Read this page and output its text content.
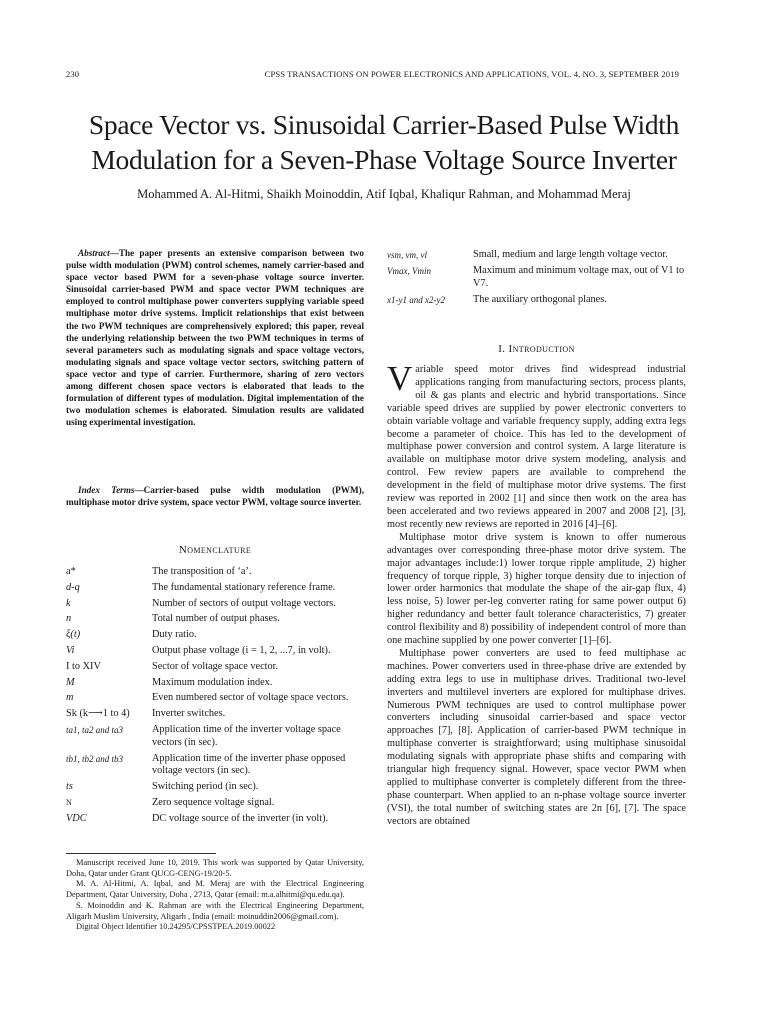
230	CPSS TRANSACTIONS ON POWER ELECTRONICS AND APPLICATIONS, VOL. 4, NO. 3, SEPTEMBER 2019
Space Vector vs. Sinusoidal Carrier-Based Pulse Width
Modulation for a Seven-Phase Voltage Source Inverter
Mohammed A. Al-Hitmi, Shaikh Moinoddin, Atif Iqbal, Khaliqur Rahman, and Mohammad Meraj

Abstract—The paper presents an extensive comparison between two pulse width modulation (PWM) control schemes, namely carrier-based and space vector based PWM for a seven-phase voltage source inverter. Sinusoidal carrier-based PWM and space vector PWM techniques are employed to control multiphase power converters supplying variable speed multiphase motor drive systems. Implicit relationships that exist between the two PWM techniques are comprehensively explored; this paper, reveal the underlying relationship between the two PWM techniques in terms of several parameters such as modulating signals and space voltage vectors, modulating signals and space voltage vector sectors, switching pattern of space vector and type of carrier. Furthermore, sharing of zero vectors among different chosen space vectors is elaborated that leads to the formulation of different types of modulation. Digital implementation of the two modulation schemes is elaborated. Simulation results are validated using experimental investigation.

Index Terms—Carrier-based pulse width modulation (PWM), multiphase motor drive system, space vector PWM, voltage source inverter.

Nomenclature
a*	The transposition of ‘a’.
d-q	The fundamental stationary reference frame.
k	Number of sectors of output voltage vectors.
n	Total number of output phases.
ξ(t)	Duty ratio.
Vi	Output phase voltage (i = 1, 2, ...7, in volt).
I to XIV	Sector of voltage space vector.
M	Maximum modulation index.
m	Even numbered sector of voltage space vectors.
Sk (k⟶1 to 4)	Inverter switches.
ta1, ta2 and ta3	Application time of the inverter voltage space vectors (in sec).
tb1, tb2 and tb3	Application time of the inverter phase opposed voltage vectors (in sec).
ts	Switching period (in sec).
N	Zero sequence voltage signal.
VDC	DC voltage source of the inverter (in volt).

Manuscript received June 10, 2019. This work was supported by Qatar University, Doha, Qatar under Grant QUCG-CENG-19/20-5.

M. A. Al-Hitmi, A. Iqbal, and M. Meraj are with the Electrical Engineering Department, Qatar University, Doha , 2713, Qatar (email: m.a.alhitmi@qu.edu.qa).

S. Moinoddin and K. Rahman are with the Electrical Engineering Department, Aligarh Muslim University, Aligarh , India (email: moinuddin2006@gmail.com).

Digital Object Identifier 10.24295/CPSSTPEA.2019.00022

vsm, vm, vl	Small, medium and large length voltage vector.
Vmax, Vmin	Maximum and minimum voltage max, out of V1 to V7.
x1-y1 and x2-y2	The auxiliary orthogonal planes.
I. Introduction

Variable speed motor drives find widespread industrial applications ranging from manufacturing sectors, process plants, oil & gas plants and electric and hybrid transportations. Since variable speed drives are supplied by power electronic converters to obtain variable voltage and variable frequency supply, adding extra legs become a parameter of choice. This has led to the development of multiphase power conversion and control system. A large literature is available on multiphase motor drive system modeling, analysis and control. Few review papers are available to comprehend the development in the field of multiphase motor drive systems. The first review was reported in 2002 [1] and since then work on the area has been accelerated and two reviews appeared in 2007 and 2008 [2], [3], most recently new reviews are reported in 2016 [4]–[6].

Multiphase motor drive system is known to offer numerous advantages over corresponding three-phase motor drive system. The major advantages include:1) lower torque ripple amplitude, 2) higher frequency of torque ripple, 3) higher torque density due to injection of lower order harmonics that modulate the shape of the air-gap flux, 4) less noise, 5) lower per-leg converter rating for same power output 6) higher redundancy and better fault tolerance characteristics, 7) greater control flexibility and 8) possibility of independent control of more than one machine supplied by one power converter [1]–[6].

Multiphase power converters are used to feed multiphase ac machines. Power converters used in three-phase drive are extended by adding extra legs to use in multiphase drives. Traditional two-level inverters and multilevel inverters are explored for multiphase drives. Numerous PWM techniques are used to control multiphase power converters including sinusoidal carrier-based and space vector approaches [7], [8]. Application of carrier-based PWM technique in multiphase converter is straightforward; using multiphase sinusoidal modulating signals with appropriate phase shifts and comparing with triangular high frequency signal. However, space vector PWM when applied to multiphase converter is completely different from the three-phase counterpart. When applied to an n-phase voltage source inverter (VSI), the total number of switching states are 2n [6], [7]. The space vectors are obtained
